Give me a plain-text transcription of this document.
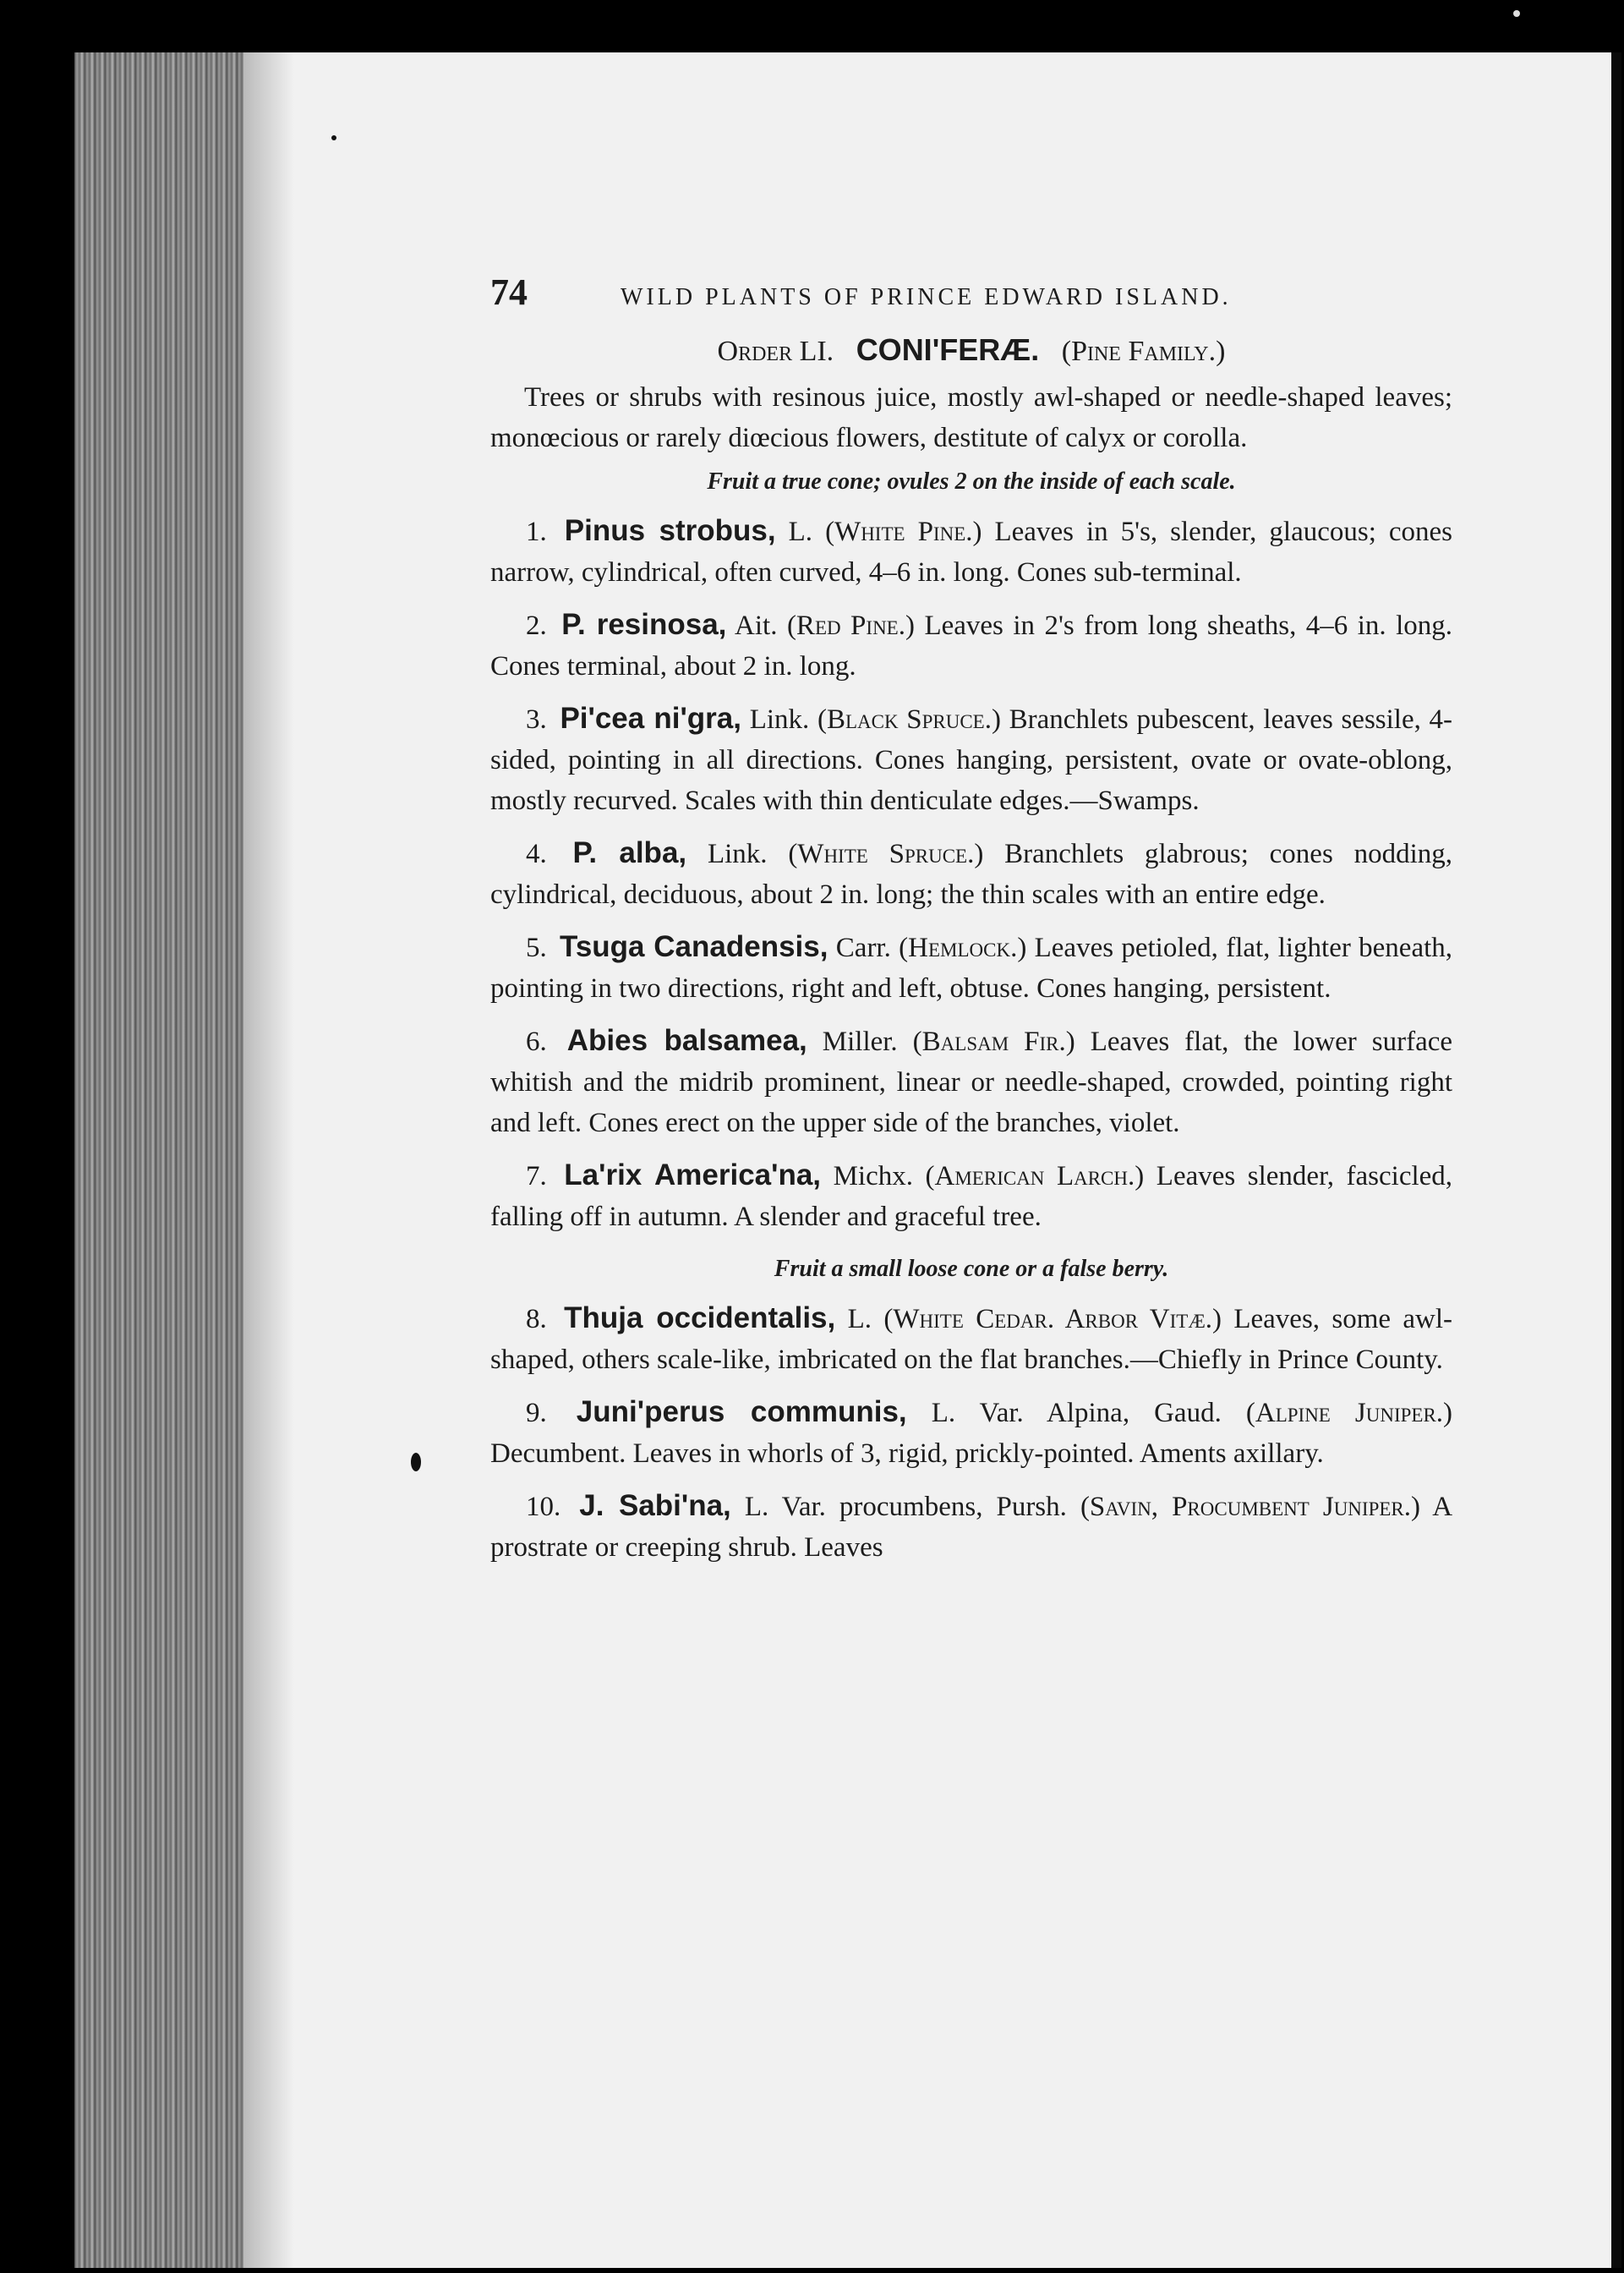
74	WILD PLANTS OF PRINCE EDWARD ISLAND.
Order LI. CONI'FERÆ. (Pine Family.)

Trees or shrubs with resinous juice, mostly awl-shaped or needle-shaped leaves; monœcious or rarely diœcious flowers, destitute of calyx or corolla.

Fruit a true cone; ovules 2 on the inside of each scale.

1. Pinus strobus, L. (White Pine.) Leaves in 5's, slender, glaucous; cones narrow, cylindrical, often curved, 4–6 in. long. Cones sub-terminal.

2. P. resinosa, Ait. (Red Pine.) Leaves in 2's from long sheaths, 4–6 in. long. Cones terminal, about 2 in. long.

3. Pi'cea ni'gra, Link. (Black Spruce.) Branchlets pubescent, leaves sessile, 4-sided, pointing in all directions. Cones hanging, persistent, ovate or ovate-oblong, mostly recurved. Scales with thin denticulate edges.—Swamps.

4. P. alba, Link. (White Spruce.) Branchlets glabrous; cones nodding, cylindrical, deciduous, about 2 in. long; the thin scales with an entire edge.

5. Tsuga Canadensis, Carr. (Hemlock.) Leaves petioled, flat, lighter beneath, pointing in two directions, right and left, obtuse. Cones hanging, persistent.

6. Abies balsamea, Miller. (Balsam Fir.) Leaves flat, the lower surface whitish and the midrib prominent, linear or needle-shaped, crowded, pointing right and left. Cones erect on the upper side of the branches, violet.

7. La'rix America'na, Michx. (American Larch.) Leaves slender, fascicled, falling off in autumn. A slender and graceful tree.

Fruit a small loose cone or a false berry.

8. Thuja occidentalis, L. (White Cedar. Arbor Vitæ.) Leaves, some awl-shaped, others scale-like, imbricated on the flat branches.—Chiefly in Prince County.

9. Juni'perus communis, L. Var. Alpina, Gaud. (Alpine Juniper.) Decumbent. Leaves in whorls of 3, rigid, prickly-pointed. Aments axillary.

10. J. Sabi'na, L. Var. procumbens, Pursh. (Savin, Procumbent Juniper.) A prostrate or creeping shrub. Leaves
